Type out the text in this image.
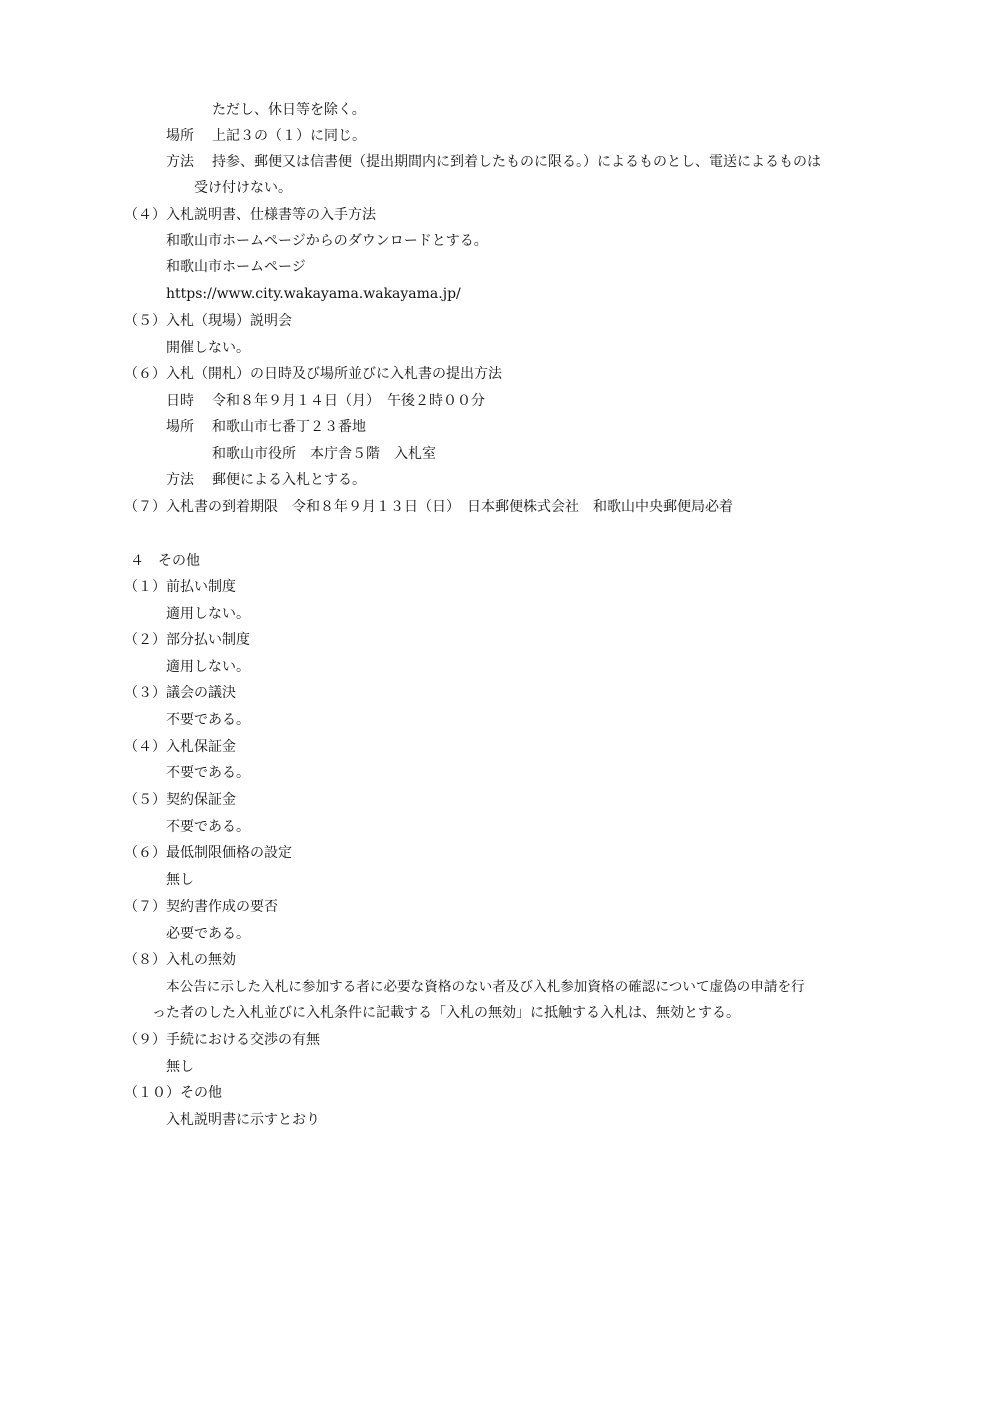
ただし、休日等を除く。
場所 上記３の（１）に同じ。
方法 持参、郵便又は信書便（提出期間内に到着したものに限る。）によるものとし、電送によるものは
受け付けない。
（４）入札説明書、仕様書等の入手方法
和歌山市ホームページからのダウンロードとする。
和歌山市ホームページ
https://www.city.wakayama.wakayama.jp/
（５）入札（現場）説明会
開催しない。
（６）入札（開札）の日時及び場所並びに入札書の提出方法
日時 令和８年９月１４日（月）　午後２時００分
場所 和歌山市七番丁２３番地
和歌山市役所　本庁舎５階　入札室
方法 郵便による入札とする。
（７）入札書の到着期限　令和８年９月１３日（日）　日本郵便株式会社　和歌山中央郵便局必着
４　その他
（１）前払い制度
適用しない。
（２）部分払い制度
適用しない。
（３）議会の議決
不要である。
（４）入札保証金
不要である。
（５）契約保証金
不要である。
（６）最低制限価格の設定
無し
（７）契約書作成の要否
必要である。
（８）入札の無効
本公告に示した入札に参加する者に必要な資格のない者及び入札参加資格の確認について虚偽の申請を行
った者のした入札並びに入札条件に記載する「入札の無効」に抵触する入札は、無効とする。
（９）手続における交渉の有無
無し
（１０）その他
入札説明書に示すとおり
